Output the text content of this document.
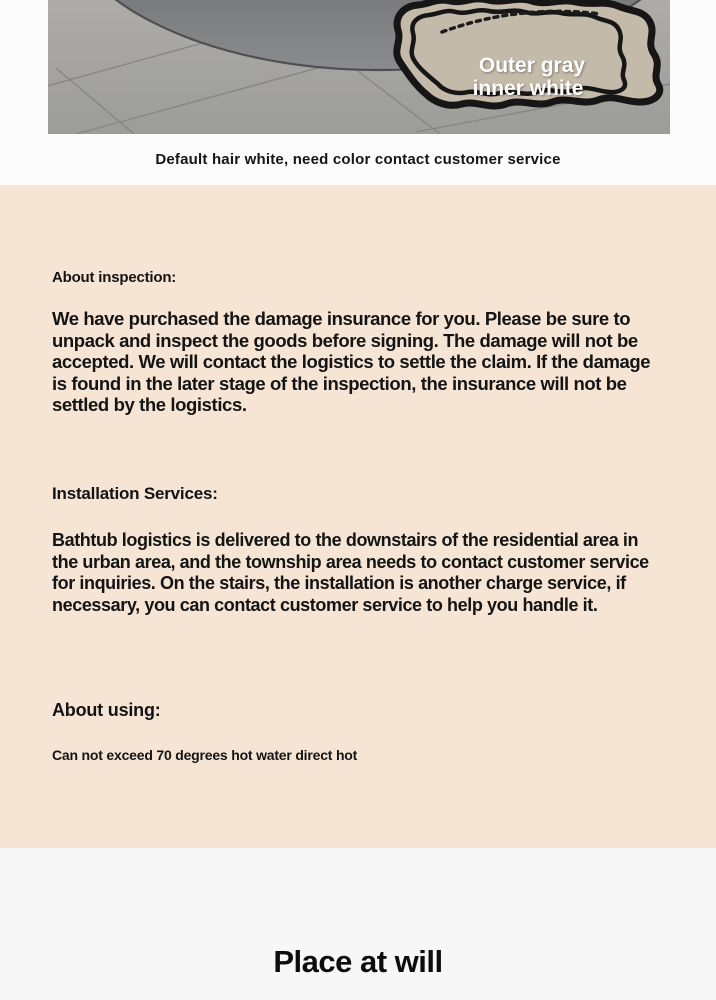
Outer gray
inner white
Default hair white, need color contact customer service
About inspection:

We have purchased the damage insurance for you. Please be sure to unpack and inspect the goods before signing. The damage will not be accepted. We will contact the logistics to settle the claim. If the damage is found in the later stage of the inspection, the insurance will not be settled by the logistics.

Installation Services:

Bathtub logistics is delivered to the downstairs of the residential area in the urban area, and the township area needs to contact customer service for inquiries. On the stairs, the installation is another charge service, if necessary, you can contact customer service to help you handle it.

About using:

Can not exceed 70 degrees hot water direct hot

Place at will
